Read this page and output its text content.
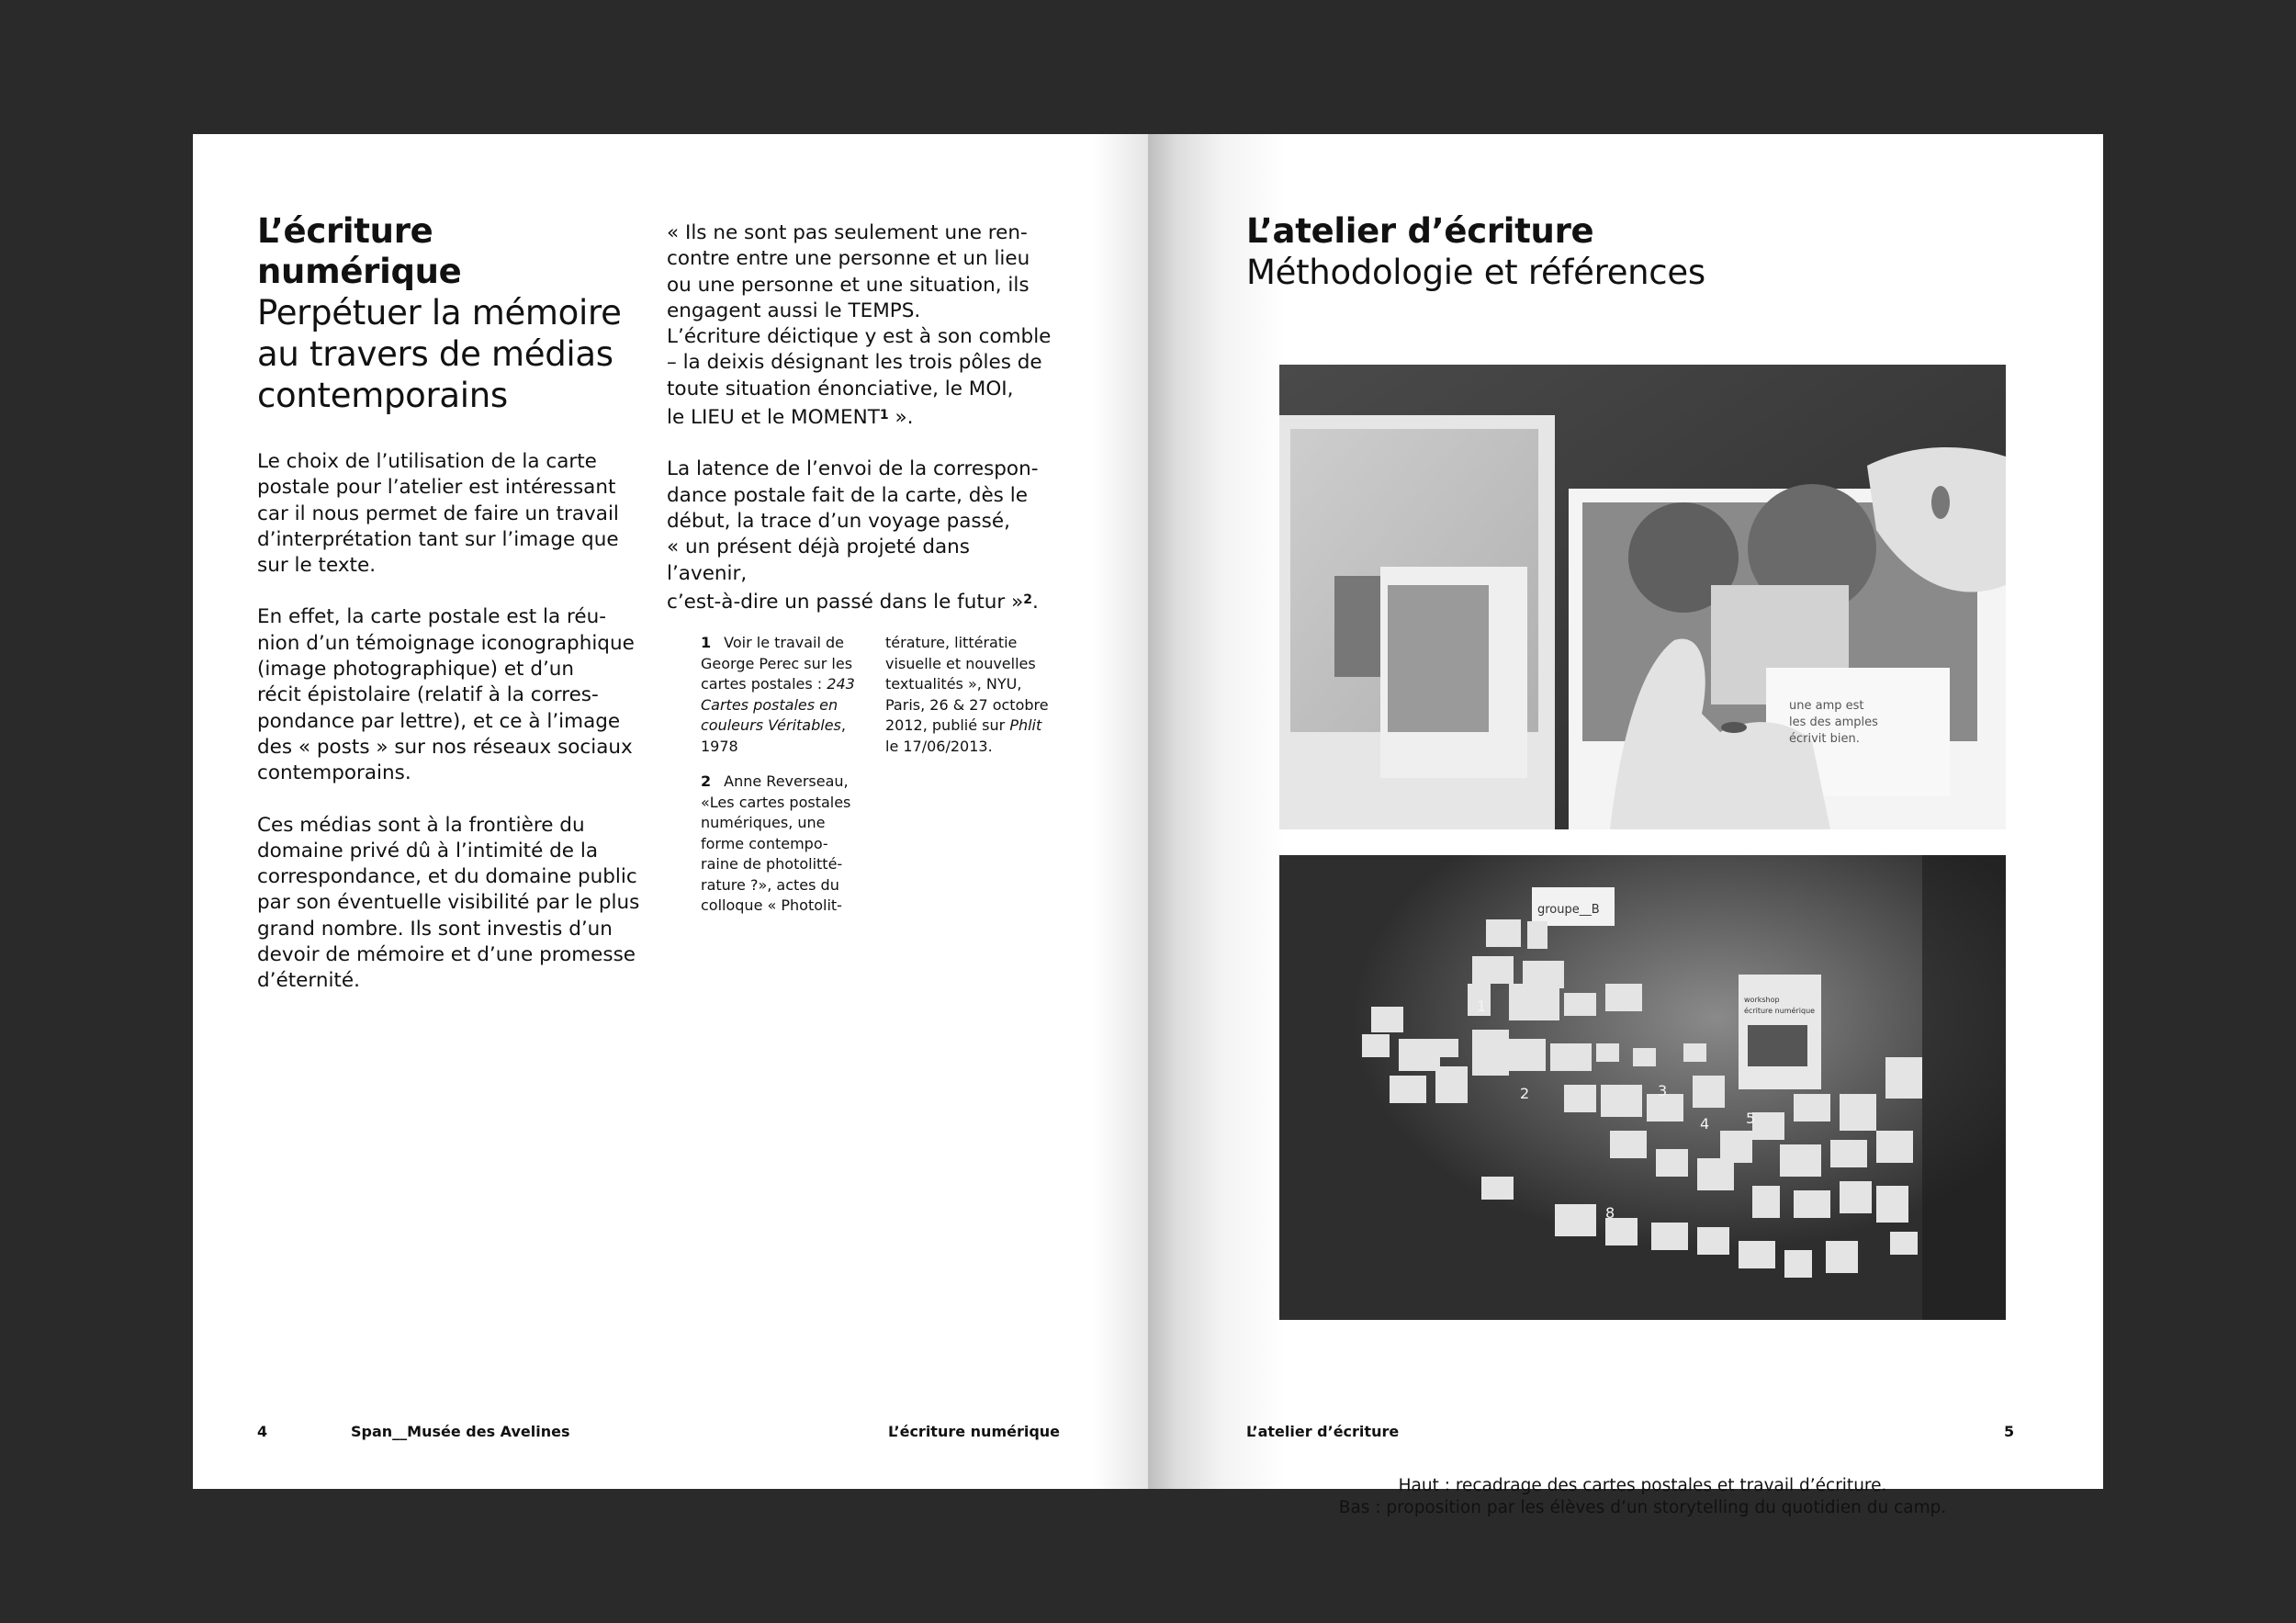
L’écriture numérique
Perpétuer la mémoire
au travers de médias
contemporains

Le choix de l’utilisation de la carte
postale pour l’atelier est intéressant
car il nous permet de faire un travail
d’interprétation tant sur l’image que
sur le texte.

En effet, la carte postale est la réu-
nion d’un témoignage iconographique
(image photographique) et d’un
récit épistolaire (relatif à la corres-
pondance par lettre), et ce à l’image
des « posts » sur nos réseaux sociaux
contemporains.

Ces médias sont à la frontière du
domaine privé dû à l’intimité de la
correspondance, et du domaine public
par son éventuelle visibilité par le plus
grand nombre. Ils sont investis d’un
devoir de mémoire et d’une promesse
d’éternité.

« Ils ne sont pas seulement une ren-
contre entre une personne et un lieu
ou une personne et une situation, ils
engagent aussi le TEMPS.
L’écriture déictique y est à son comble
– la deixis désignant les trois pôles de
toute situation énonciative, le MOI,
le LIEU et le MOMENT$^1$ ».

La latence de l’envoi de la correspon-
dance postale fait de la carte, dès le
début, la trace d’un voyage passé,
« un présent déjà projeté dans l’avenir,
c’est-à-dire un passé dans le futur »$^2$.

1 Voir le travail de
George Perec sur les
cartes postales : 243
Cartes postales en
couleurs Véritables,
1978

2 Anne Reverseau,
«Les cartes postales
numériques, une
forme contempo-
raine de photolitté-
rature ?», actes du
colloque « Photolit-

térature, littératie
visuelle et nouvelles
textualités », NYU,
Paris, 26 & 27 octobre
2012, publié sur Phlit
le 17/06/2013.

4	Span__Musée des Avelines	L’écriture numérique
L’atelier d’écriture
Méthodologie et références
une amp est
les des amples
écrivit bien.
groupe__B
workshop
écriture numérique
1
2	3
4 5
8
Haut : recadrage des cartes postales et travail d’écriture.
Bas : proposition par les élèves d’un storytelling du quotidien du camp.
L’atelier d’écriture	5
